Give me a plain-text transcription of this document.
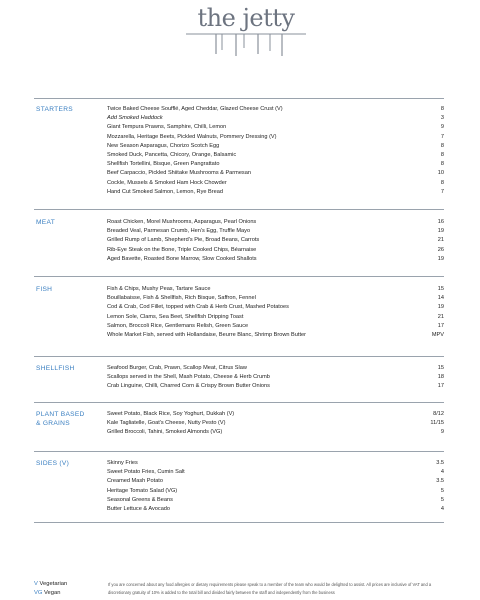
the jetty
STARTERS	Twice Baked Cheese Soufflé, Aged Cheddar, Glazed Cheese Crust (V)	8
Add Smoked Haddock	3
Giant Tempura Prawns, Samphire, Chilli, Lemon	9
Mozzarella, Heritage Beets, Pickled Walnuts, Pommery Dressing (V)	7
New Season Asparagus, Chorizo Scotch Egg	8
Smoked Duck, Pancetta, Chicory, Orange, Balsamic	8
Shellfish Tortellini, Bisque, Green Pangrattato	8
Beef Carpaccio, Pickled Shiitake Mushrooms & Parmesan	10
Cockle, Mussels & Smoked Ham Hock Chowder	8
Hand Cut Smoked Salmon, Lemon, Rye Bread	7
MEAT	Roast Chicken, Morel Mushrooms, Asparagus, Pearl Onions	16
Breaded Veal, Parmesan Crumb, Hen's Egg, Truffle Mayo	19
Grilled Rump of Lamb, Shepherd's Pie, Broad Beans, Carrots	21
Rib-Eye Steak on the Bone, Triple Cooked Chips, Béarnaise	26
Aged Bavette, Roasted Bone Marrow, Slow Cooked Shallots	19
FISH	Fish & Chips, Mushy Peas, Tartare Sauce	15
Bouillabaisse, Fish & Shellfish, Rich Bisque, Saffron, Fennel	14
Cod & Crab, Cod Fillet, topped with Crab & Herb Crust, Mashed Potatoes	19
Lemon Sole, Clams, Sea Beet, Shellfish Dripping Toast	21
Salmon, Broccoli Rice, Gentlemans Relish, Green Sauce	17
Whole Market Fish, served with Hollandaise, Beurre Blanc, Shrimp Brown Butter	MPV
SHELLFISH	Seafood Burger, Crab, Prawn, Scallop Meat, Citrus Slaw	15
Scallops served in the Shell, Mash Potato, Cheese & Herb Crumb	18
Crab Linguine, Chilli, Charred Corn & Crispy Brown Butter Onions	17
PLANT BASED
& GRAINS
Sweet Potato, Black Rice, Soy Yoghurt, Dukkah (V)	8/12
Kale Tagliatelle, Goat's Cheese, Nutty Pesto (V)	11/15
Grilled Broccoli, Tahini, Smoked Almonds (VG)	9
SIDES (V)	Skinny Fries	3.5
Sweet Potato Fries, Cumin Salt	4
Creamed Mash Potato	3.5
Heritage Tomato Salad (VG)	5
Seasonal Greens & Beans	5
Butter Lettuce & Avocado	4
V Vegetarian
VG Vegan
If you are concerned about any food allergies or dietary requirements please speak to a member of the team who would be delighted to assist. All prices are inclusive of VAT and a discretionary gratuity of 10% is added to the total bill and divided fairly between the staff and independently from the business
